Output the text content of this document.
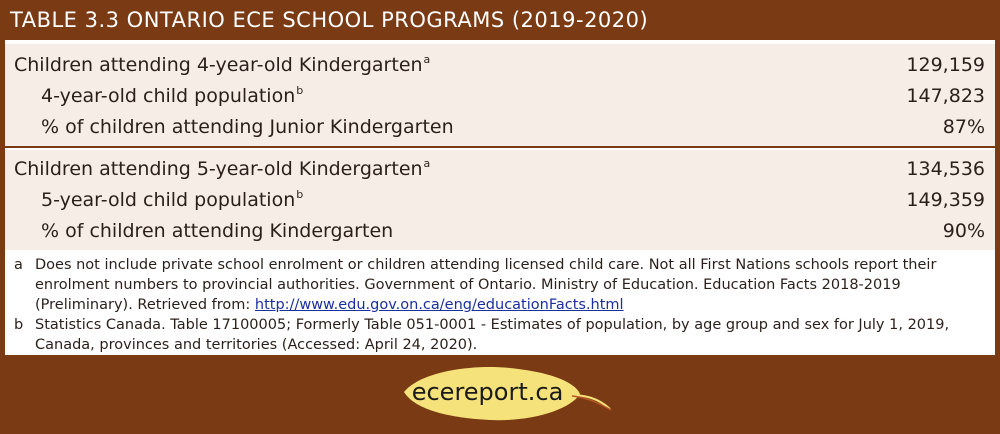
TABLE 3.3 ONTARIO ECE SCHOOL PROGRAMS (2019-2020)
Children attending 4-year-old Kindergarten$^a$	129,159
4-year-old child population$^b$	147,823
% of children attending Junior Kindergarten	87%
Children attending 5-year-old Kindergarten$^a$	134,536
5-year-old child population$^b$	149,359
% of children attending Kindergarten	90%
a Does not include private school enrolment or children attending licensed child care. Not all First Nations schools report their enrolment numbers to provincial authorities. Government of Ontario. Ministry of Education. Education Facts 2018-2019 (Preliminary). Retrieved from: http://www.edu.gov.on.ca/eng/educationFacts.html
b Statistics Canada. Table 17100005; Formerly Table 051-0001 - Estimates of population, by age group and sex for July 1, 2019, Canada, provinces and territories (Accessed: April 24, 2020).
ecereport.ca
